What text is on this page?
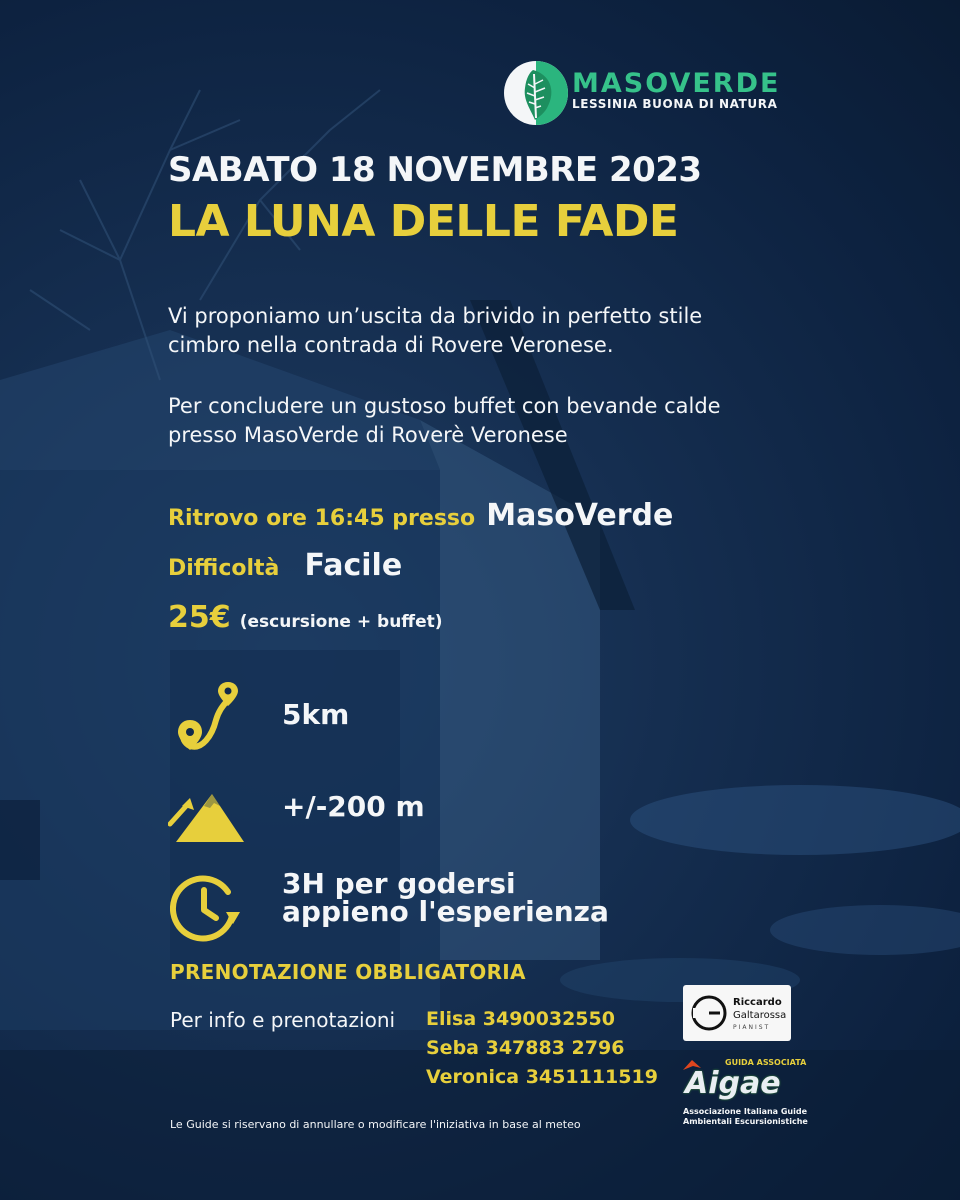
MASOVERDE
LESSINIA BUONA DI NATURA
SABATO 18 NOVEMBRE 2023
LA LUNA DELLE FADE
Vi proponiamo un’uscita da brivido in perfetto stile
cimbro nella contrada di Rovere Veronese.
Per concludere un gustoso buffet con bevande calde
presso MasoVerde di Roverè Veronese
Ritrovo ore 16:45 presso MasoVerde
Difficoltà Facile
25€ (escursione + buffet)
5km
+/-200 m
3H per godersi
appieno l'esperienza
PRENOTAZIONE OBBLIGATORIA
Per info e prenotazioni Elisa 3490032550
Seba 347883 2796
Veronica 3451111519
Le Guide si riservano di annullare o modificare l'iniziativa in base al meteo
Riccardo
Galtarossa
PIANIST
GUIDA ASSOCIATA
Aigae
Associazione Italiana Guide
Ambientali Escursionistiche
